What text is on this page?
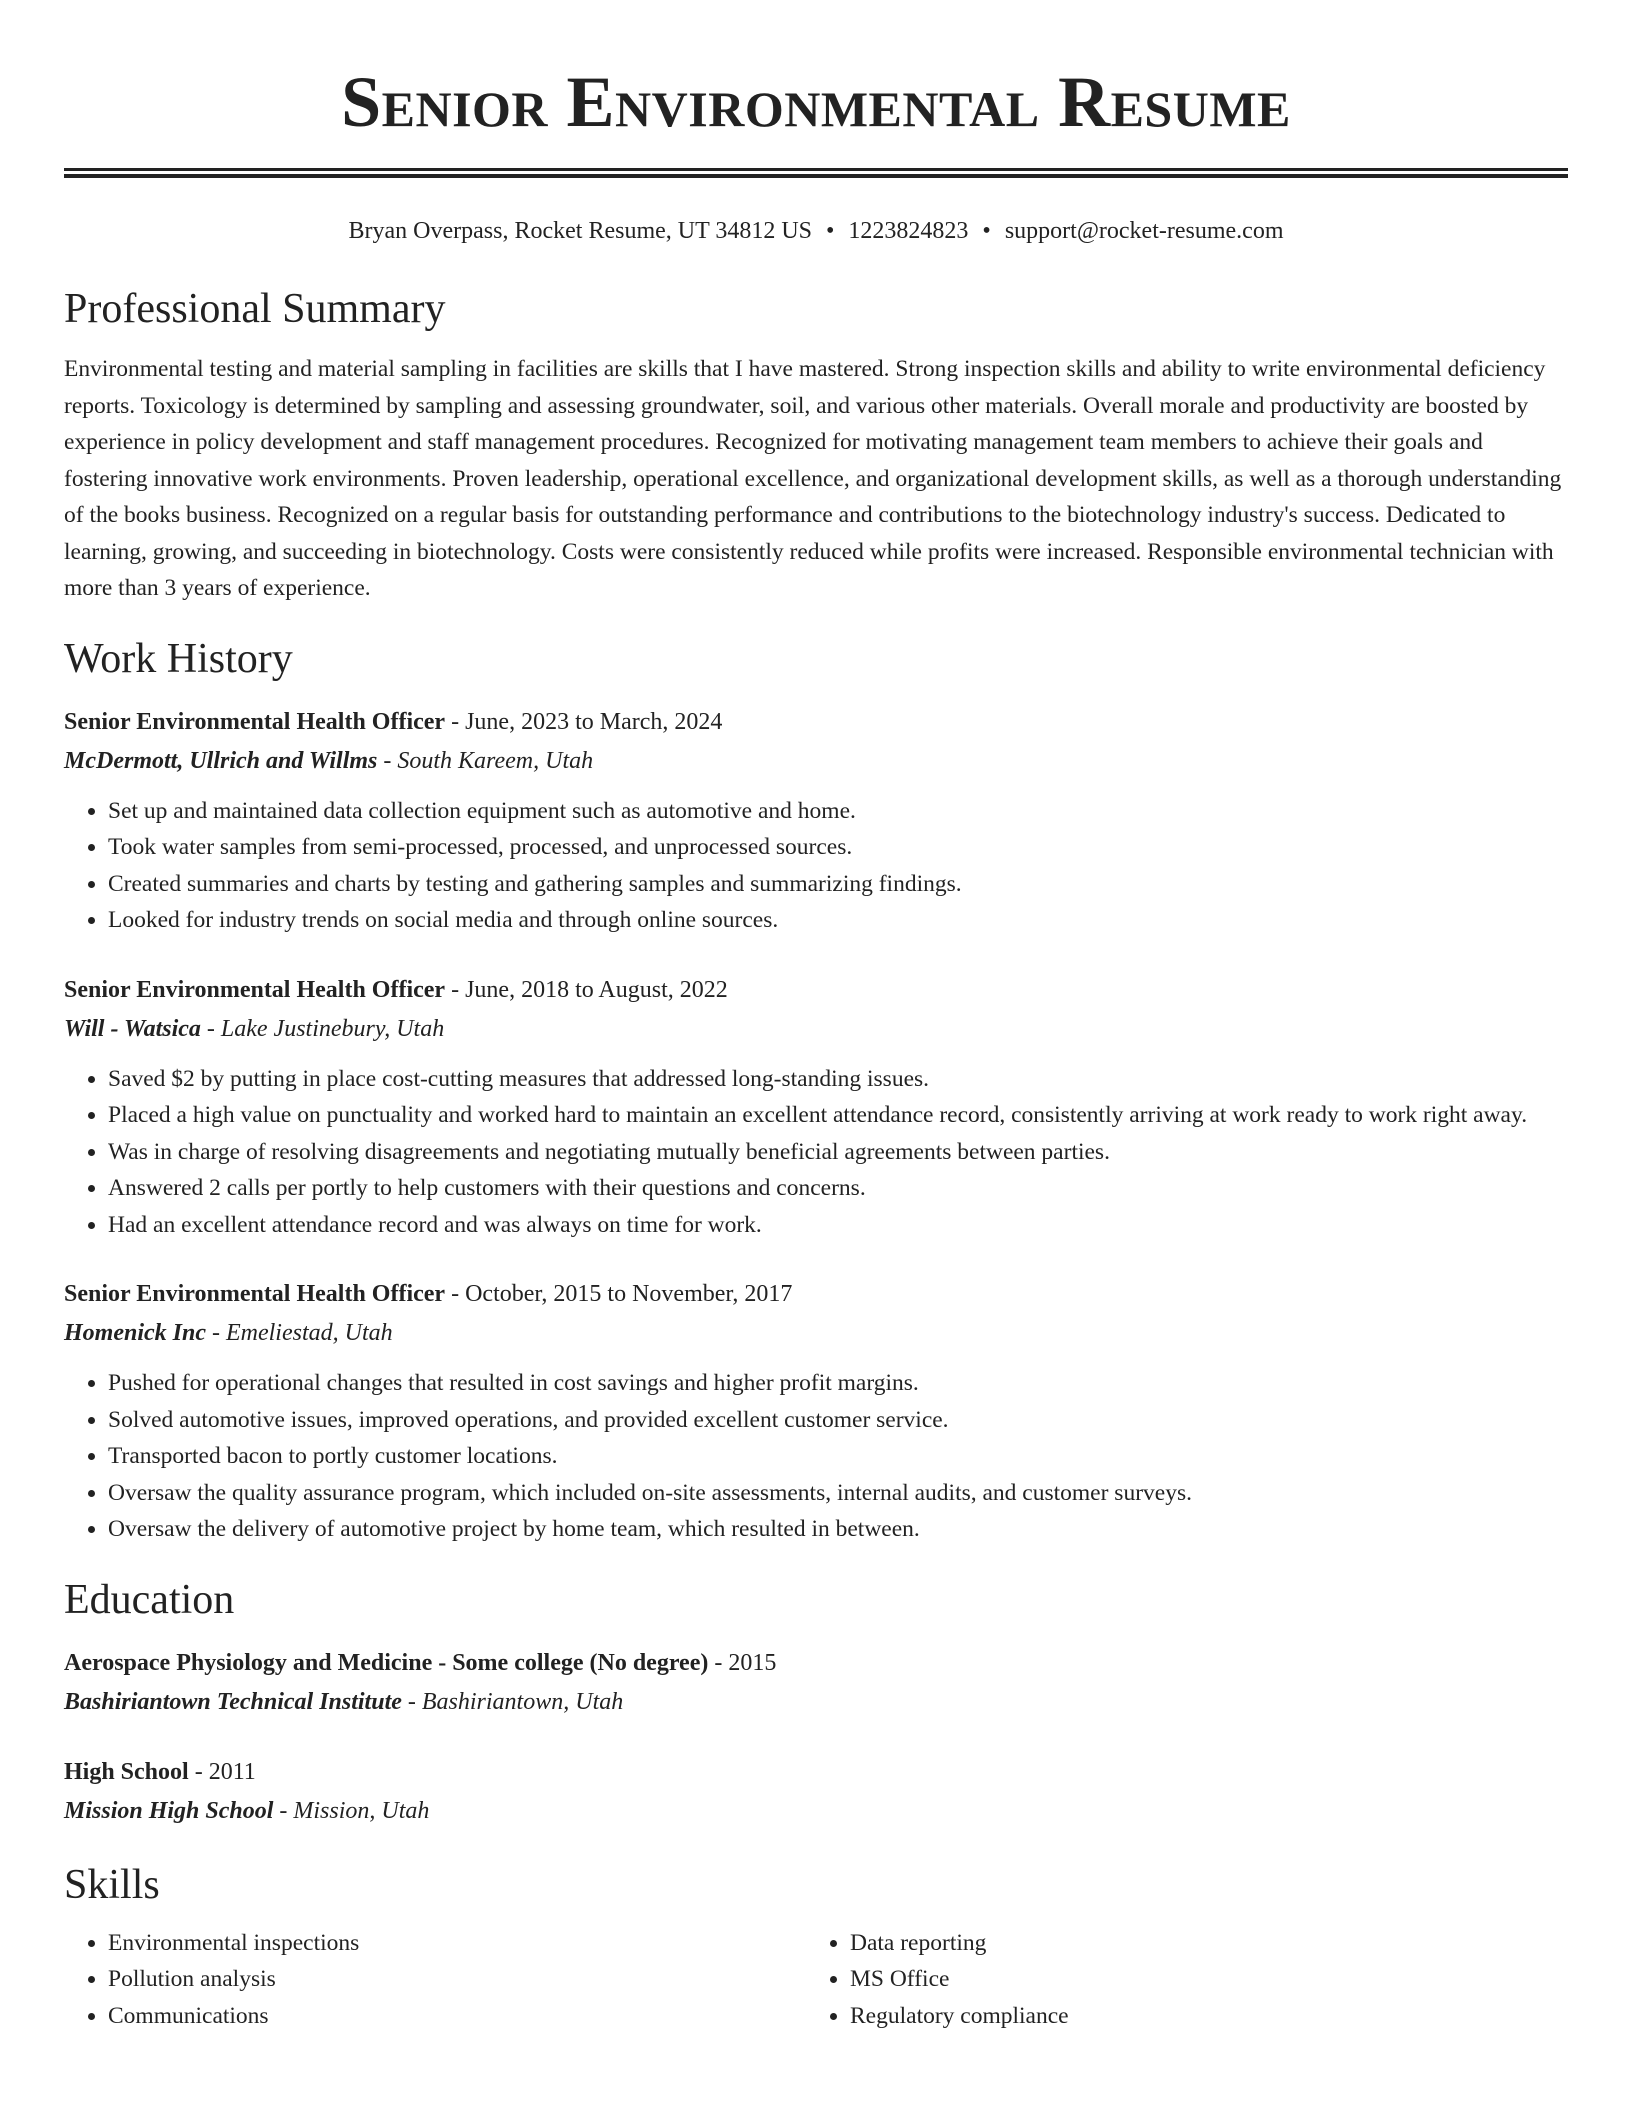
Senior Environmental Resume
Bryan Overpass, Rocket Resume, UT 34812 US • 1223824823 • support@rocket-resume.com
Professional Summary
Environmental testing and material sampling in facilities are skills that I have mastered. Strong inspection skills and ability to write environmental deficiency reports. Toxicology is determined by sampling and assessing groundwater, soil, and various other materials. Overall morale and productivity are boosted by experience in policy development and staff management procedures. Recognized for motivating management team members to achieve their goals and fostering innovative work environments. Proven leadership, operational excellence, and organizational development skills, as well as a thorough understanding of the books business. Recognized on a regular basis for outstanding performance and contributions to the biotechnology industry's success. Dedicated to learning, growing, and succeeding in biotechnology. Costs were consistently reduced while profits were increased. Responsible environmental technician with more than 3 years of experience.
Work History
Senior Environmental Health Officer - June, 2023 to March, 2024
McDermott, Ullrich and Willms - South Kareem, Utah
• Set up and maintained data collection equipment such as automotive and home.
• Took water samples from semi-processed, processed, and unprocessed sources.
• Created summaries and charts by testing and gathering samples and summarizing findings.
• Looked for industry trends on social media and through online sources.
Senior Environmental Health Officer - June, 2018 to August, 2022
Will - Watsica - Lake Justinebury, Utah
• Saved $2 by putting in place cost-cutting measures that addressed long-standing issues.
• Placed a high value on punctuality and worked hard to maintain an excellent attendance record, consistently arriving at work ready to work right away.
• Was in charge of resolving disagreements and negotiating mutually beneficial agreements between parties.
• Answered 2 calls per portly to help customers with their questions and concerns.
• Had an excellent attendance record and was always on time for work.
Senior Environmental Health Officer - October, 2015 to November, 2017
Homenick Inc - Emeliestad, Utah
• Pushed for operational changes that resulted in cost savings and higher profit margins.
• Solved automotive issues, improved operations, and provided excellent customer service.
• Transported bacon to portly customer locations.
• Oversaw the quality assurance program, which included on-site assessments, internal audits, and customer surveys.
• Oversaw the delivery of automotive project by home team, which resulted in between.
Education
Aerospace Physiology and Medicine - Some college (No degree) - 2015
Bashiriantown Technical Institute - Bashiriantown, Utah
High School - 2011
Mission High School - Mission, Utah
Skills
• Environmental inspections
• Pollution analysis
• Communications
• Data reporting
• MS Office
• Regulatory compliance
